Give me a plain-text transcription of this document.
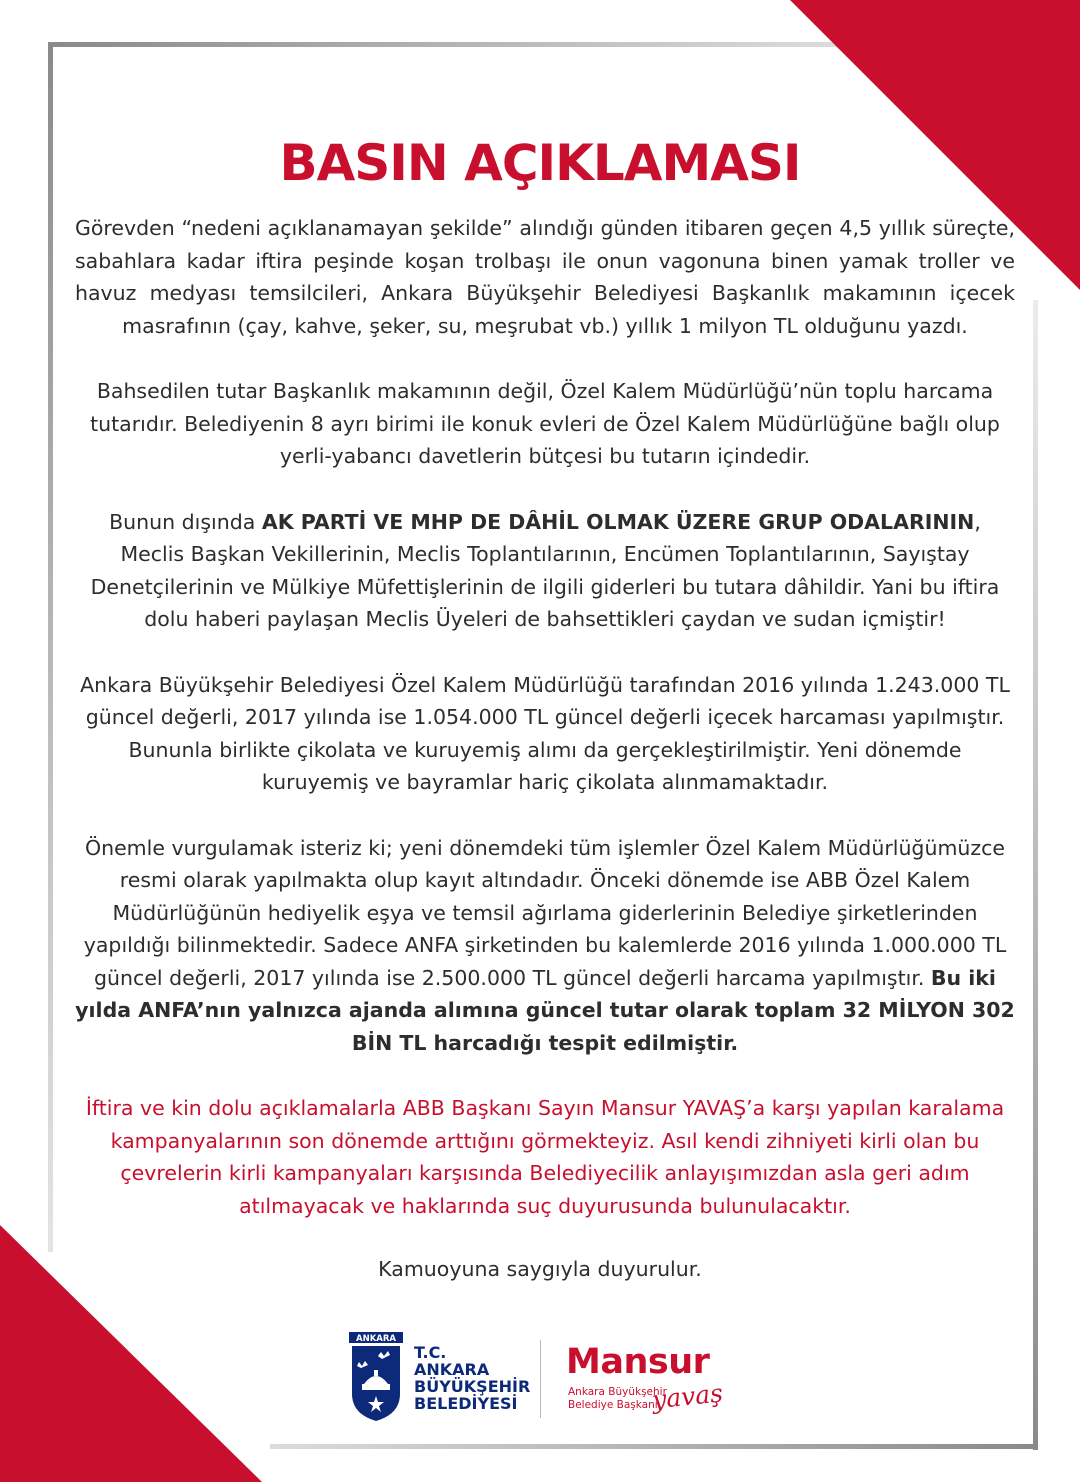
BASIN AÇIKLAMASI

Görevden “nedeni açıklanamayan şekilde” alındığı günden itibaren geçen 4,5 yıllık süreçte, sabahlara kadar iftira peşinde koşan trolbaşı ile onun vagonuna binen yamak troller ve havuz medyası temsilcileri, Ankara Büyükşehir Belediyesi Başkanlık makamının içecek masrafının (çay, kahve, şeker, su, meşrubat vb.) yıllık 1 milyon TL olduğunu yazdı.

Bahsedilen tutar Başkanlık makamının değil, Özel Kalem Müdürlüğü’nün toplu harcama tutarıdır. Belediyenin 8 ayrı birimi ile konuk evleri de Özel Kalem Müdürlüğüne bağlı olup yerli-yabancı davetlerin bütçesi bu tutarın içindedir.

Bunun dışında AK PARTİ VE MHP DE DÂHİL OLMAK ÜZERE GRUP ODALARININ, Meclis Başkan Vekillerinin, Meclis Toplantılarının, Encümen Toplantılarının, Sayıştay Denetçilerinin ve Mülkiye Müfettişlerinin de ilgili giderleri bu tutara dâhildir. Yani bu iftira dolu haberi paylaşan Meclis Üyeleri de bahsettikleri çaydan ve sudan içmiştir!

Ankara Büyükşehir Belediyesi Özel Kalem Müdürlüğü tarafından 2016 yılında 1.243.000 TL güncel değerli, 2017 yılında ise 1.054.000 TL güncel değerli içecek harcaması yapılmıştır. Bununla birlikte çikolata ve kuruyemiş alımı da gerçekleştirilmiştir. Yeni dönemde kuruyemiş ve bayramlar hariç çikolata alınmamaktadır.

Önemle vurgulamak isteriz ki; yeni dönemdeki tüm işlemler Özel Kalem Müdürlüğümüzce resmi olarak yapılmakta olup kayıt altındadır. Önceki dönemde ise ABB Özel Kalem Müdürlüğünün hediyelik eşya ve temsil ağırlama giderlerinin Belediye şirketlerinden yapıldığı bilinmektedir. Sadece ANFA şirketinden bu kalemlerde 2016 yılında 1.000.000 TL güncel değerli, 2017 yılında ise 2.500.000 TL güncel değerli harcama yapılmıştır. Bu iki yılda ANFA’nın yalnızca ajanda alımına güncel tutar olarak toplam 32 MİLYON 302 BİN TL harcadığı tespit edilmiştir.

İftira ve kin dolu açıklamalarla ABB Başkanı Sayın Mansur YAVAŞ’a karşı yapılan karalama kampanyalarının son dönemde arttığını görmekteyiz. Asıl kendi zihniyeti kirli olan bu çevrelerin kirli kampanyaları karşısında Belediyecilik anlayışımızdan asla geri adım atılmayacak ve haklarında suç duyurusunda bulunulacaktır.

Kamuoyuna saygıyla duyurulur.
ANKARA
T.C.
ANKARA
BÜYÜKŞEHİR
BELEDİYESİ
Mansur
Ankara Büyükşehir
Belediye Başkanı
yavaş
